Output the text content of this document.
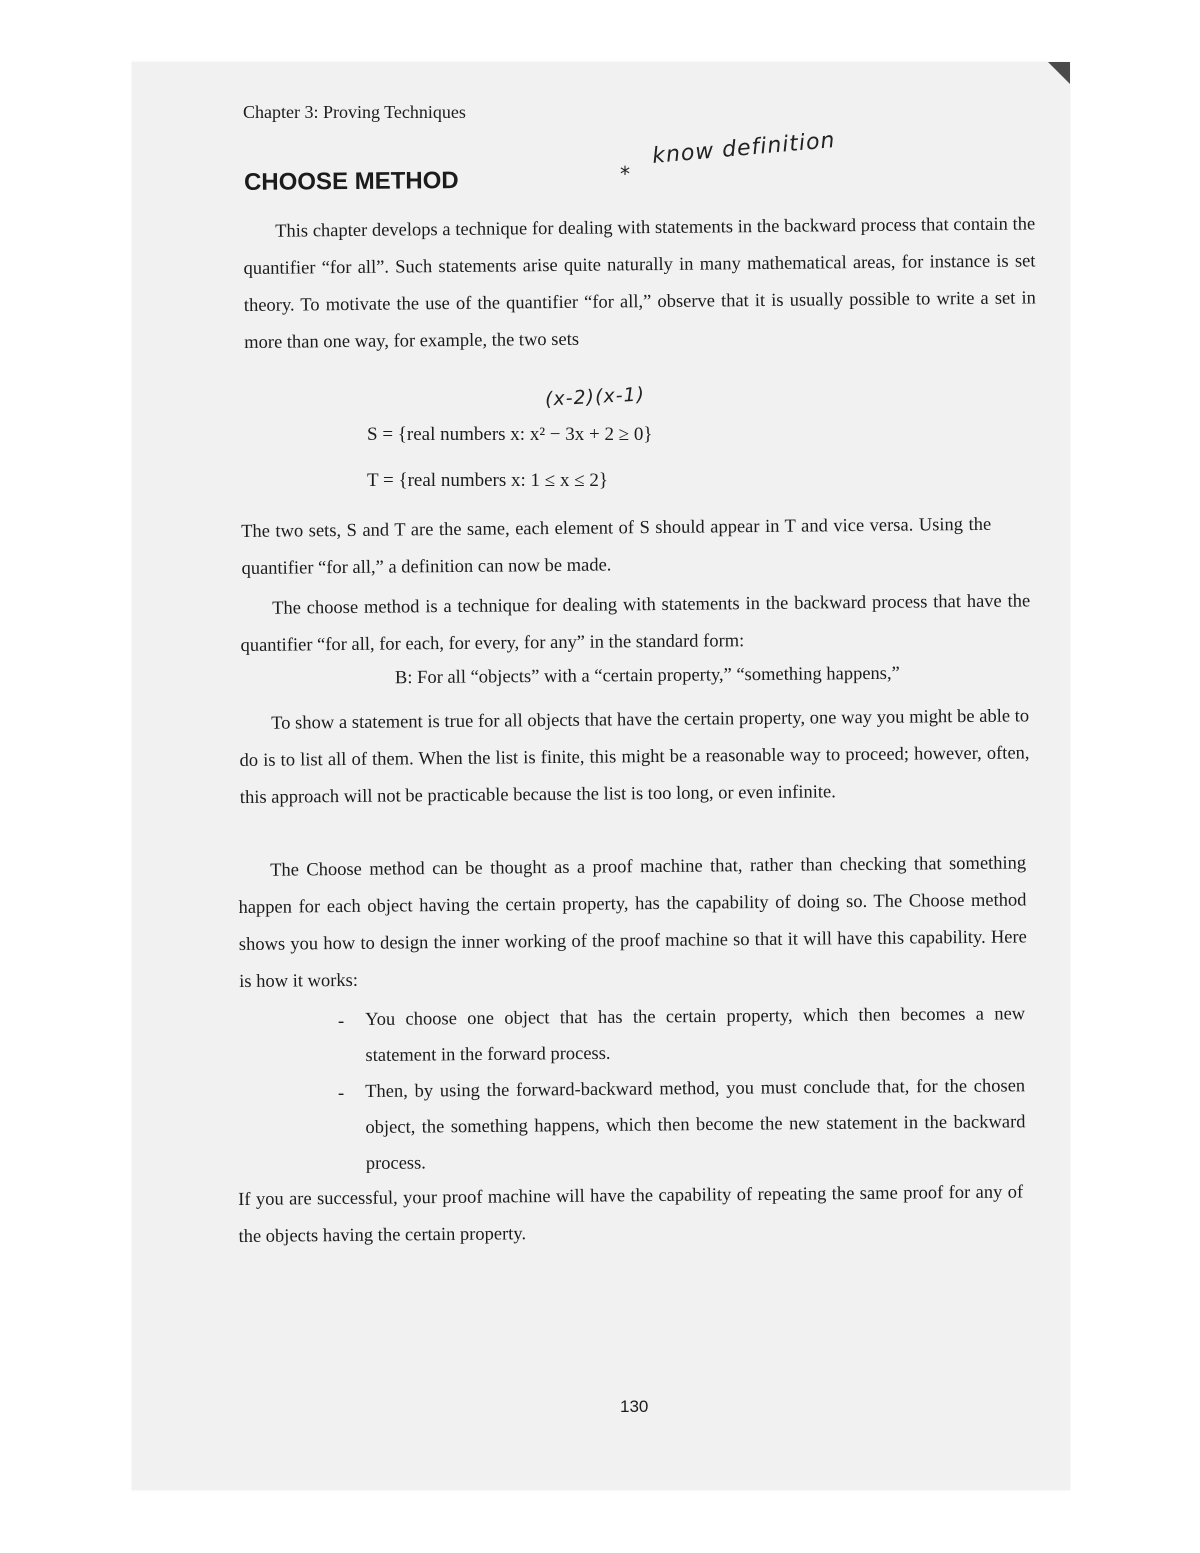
Chapter 3: Proving Techniques
CHOOSE METHOD	*
know definition
(x-2)(x-1)
This chapter develops a technique for dealing with statements in the backward process that contain the quantifier “for all”. Such statements arise quite naturally in many mathematical areas, for instance is set theory. To motivate the use of the quantifier “for all,” observe that it is usually possible to write a set in more than one way, for example, the two sets
S = {real numbers x: x² − 3x + 2 ≥ 0}
T = {real numbers x: 1 ≤ x ≤ 2}
The two sets, S and T are the same, each element of S should appear in T and vice versa. Using the quantifier “for all,” a definition can now be made.
The choose method is a technique for dealing with statements in the backward process that have the quantifier “for all, for each, for every, for any” in the standard form:
B: For all “objects” with a “certain property,” “something happens,”
To show a statement is true for all objects that have the certain property, one way you might be able to do is to list all of them. When the list is finite, this might be a reasonable way to proceed; however, often, this approach will not be practicable because the list is too long, or even infinite.
The Choose method can be thought as a proof machine that, rather than checking that something happen for each object having the certain property, has the capability of doing so. The Choose method shows you how to design the inner working of the proof machine so that it will have this capability. Here is how it works:
- You choose one object that has the certain property, which then becomes a new statement in the forward process.
- Then, by using the forward-backward method, you must conclude that, for the chosen object, the something happens, which then become the new statement in the backward process.
If you are successful, your proof machine will have the capability of repeating the same proof for any of the objects having the certain property.
130
